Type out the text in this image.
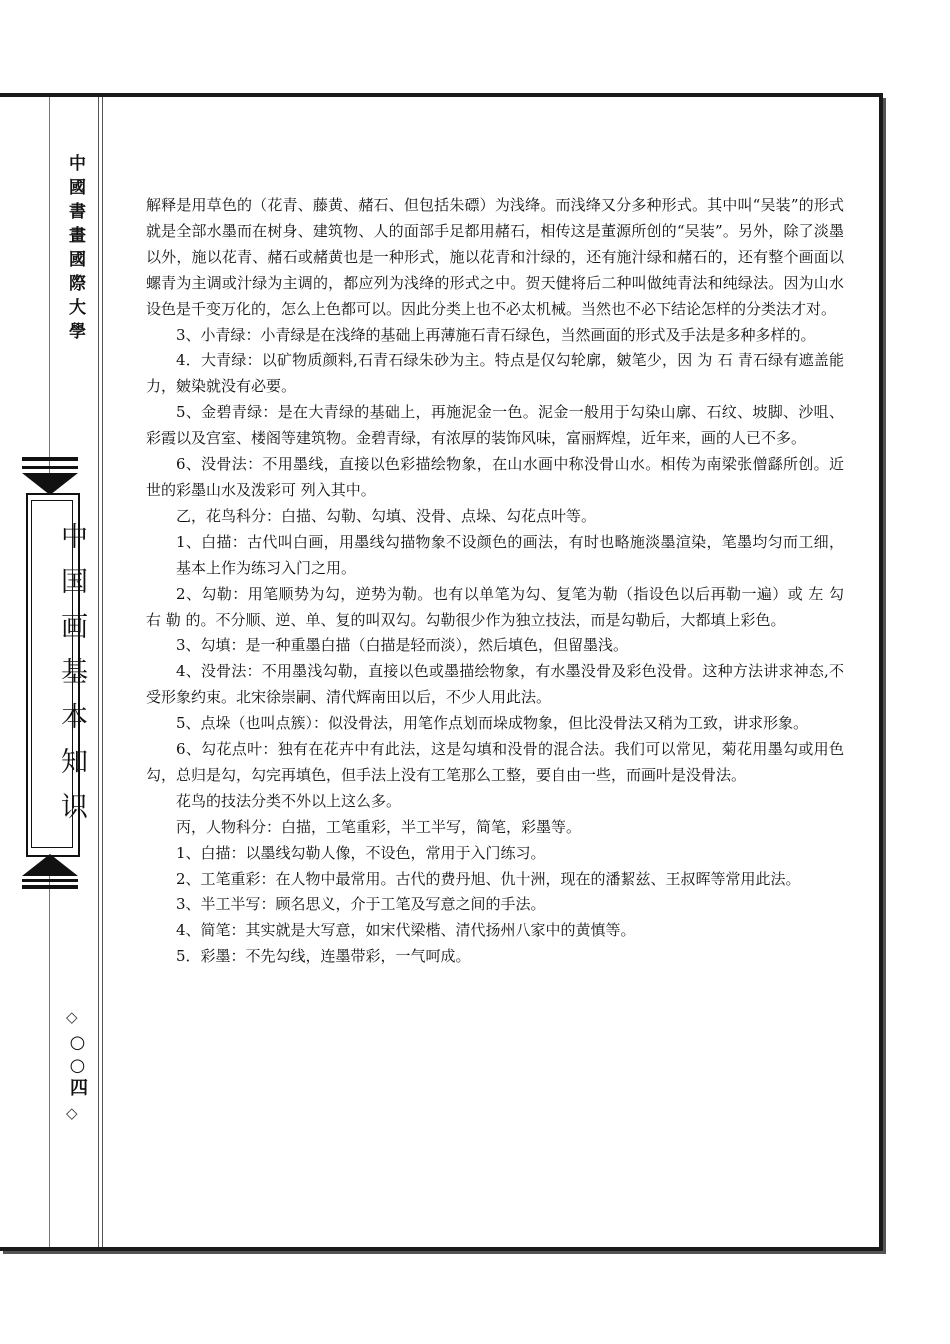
中國書畫國際大學
中国画基本知识
◇
○○四
◇

解释是用草色的（花青、藤黄、赭石、但包括朱磦）为浅绛。而浅绛又分多种形式。其中叫“吴装”的形式就是全部水墨而在树身、建筑物、人的面部手足都用赭石，相传这是董源所创的“吴装”。另外，除了淡墨以外，施以花青、赭石或赭黄也是一种形式，施以花青和汁绿的，还有施汁绿和赭石的，还有整个画面以螺青为主调或汁绿为主调的，都应列为浅绛的形式之中。贺天健将后二种叫做纯青法和纯绿法。因为山水设色是千变万化的，怎么上色都可以。因此分类上也不必太机械。当然也不必下结论怎样的分类法才对。

3、小青绿：小青绿是在浅绛的基础上再薄施石青石绿色，当然画面的形式及手法是多种多样的。

4．大青绿：以矿物质颜料,石青石绿朱砂为主。特点是仅勾轮廓，皴笔少，因 为 石 青石绿有遮盖能力，皴染就没有必要。

5、金碧青绿：是在大青绿的基础上，再施泥金一色。泥金一般用于勾染山廓、石纹、坡脚、沙咀、彩霞以及宫室、楼阁等建筑物。金碧青绿，有浓厚的装饰风味，富丽辉煌，近年来，画的人已不多。

6、没骨法：不用墨线，直接以色彩描绘物象，在山水画中称没骨山水。相传为南梁张僧繇所创。近世的彩墨山水及泼彩可 列入其中。

乙，花鸟科分：白描、勾勒、勾填、没骨、点垛、勾花点叶等。

1、白描：古代叫白画，用墨线勾描物象不设颜色的画法，有时也略施淡墨渲染，笔墨均匀而工细，基本上作为练习入门之用。

2、勾勒：用笔顺势为勾，逆势为勒。也有以单笔为勾、复笔为勒（指设色以后再勒一遍）或 左 勾 右 勒 的。不分顺、逆、单、复的叫双勾。勾勒很少作为独立技法，而是勾勒后，大都填上彩色。

3、勾填：是一种重墨白描（白描是轻而淡），然后填色，但留墨浅。

4、没骨法：不用墨浅勾勒，直接以色或墨描绘物象，有水墨没骨及彩色没骨。这种方法讲求神态,不受形象约束。北宋徐崇嗣、清代辉南田以后，不少人用此法。

5、点垛（也叫点簇）：似没骨法，用笔作点划而垛成物象，但比没骨法又稍为工致，讲求形象。

6、勾花点叶：独有在花卉中有此法，这是勾填和没骨的混合法。我们可以常见，菊花用墨勾或用色勾，总归是勾，勾完再填色，但手法上没有工笔那么工整，要自由一些，而画叶是没骨法。

花鸟的技法分类不外以上这么多。

丙，人物科分：白描，工笔重彩，半工半写，简笔，彩墨等。

1、白描：以墨线勾勒人像，不设色，常用于入门练习。

2、工笔重彩：在人物中最常用。古代的费丹旭、仇十洲，现在的潘絜兹、王叔晖等常用此法。

3、半工半写：顾名思义，介于工笔及写意之间的手法。

4、简笔：其实就是大写意，如宋代梁楷、清代扬州八家中的黄慎等。

5．彩墨：不先勾线，连墨带彩，一气呵成。
